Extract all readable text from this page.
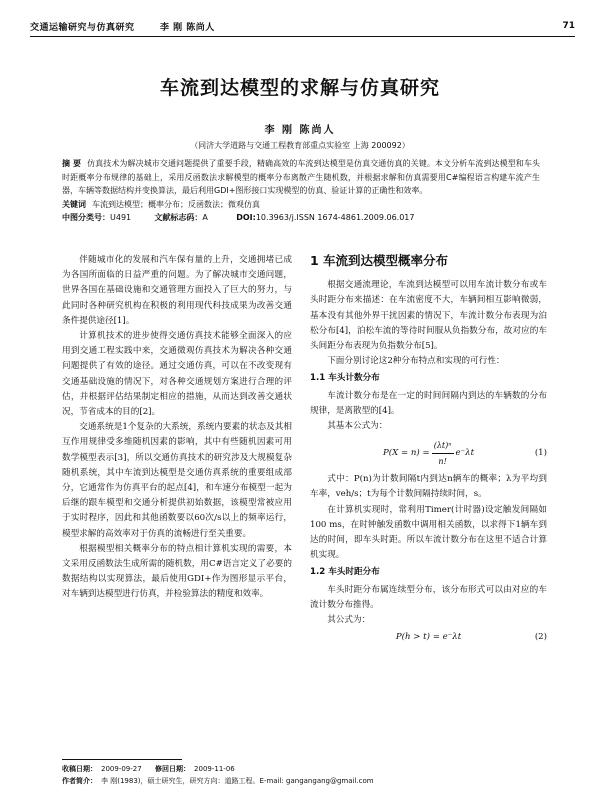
交通运输研究与仿真研究	李 刚 陈尚人	71
车流到达模型的求解与仿真研究
李 刚 陈尚人
（同济大学道路与交通工程教育部重点实验室 上海 200092）
摘 要 仿真技术为解决城市交通问题提供了重要手段，精确高效的车流到达模型是仿真交通仿真的关键。本文分析车流到达模型和车头时距概率分布规律的基础上，采用反函数法求解模型的概率分布离散产生随机数，并根据求解和仿真需要用C#编程语言构建车流产生器，车辆等数据结构并变换算法，最后利用GDI+图形接口实现模型的仿真、验证计算的正确性和效率。
关键词 车流到达模型；概率分布；反函数法；微观仿真
中图分类号：U491	文献标志码：A	DOI:10.3963/j.ISSN 1674-4861.2009.06.017

伴随城市化的发展和汽车保有量的上升，交通拥堵已成为各国所面临的日益严重的问题。为了解决城市交通问题，世界各国在基础设施和交通管理方面投入了巨大的努力，与此同时各种研究机构在积极的利用现代科技成果为改善交通条件提供途径[1]。

计算机技术的进步使得交通仿真技术能够全面深入的应用到交通工程实践中来，交通微观仿真技术为解决各种交通问题提供了有效的途径。通过交通仿真，可以在不改变现有交通基础设施的情况下，对各种交通规划方案进行合理的评估，并根据评估结果制定相应的措施，从而达到改善交通状况，节省成本的目的[2]。

交通系统是1个复杂的大系统，系统内要素的状态及其相互作用规律受多维随机因素的影响，其中有些随机因素可用数学模型表示[3]，所以交通仿真技术的研究涉及大规模复杂随机系统，其中车流到达模型是交通仿真系统的重要组成部分，它通常作为仿真平台的起点[4]，和车速分布模型一起为后继的跟车模型和交通分析提供初始数据，该模型常被应用于实时程序，因此和其他函数要以60次/s以上的频率运行，模型求解的高效率对于仿真的流畅进行至关重要。

根据模型相关概率分布的特点相计算机实现的需要，本文采用反函数法生成所需的随机数，用C#语言定义了必要的数据结构以实现算法，最后使用GDI+作为图形显示平台，对车辆到达模型进行仿真，并检验算法的精度和效率。

1 车流到达模型概率分布

根据交通流理论，车流到达模型可以用车流计数分布或车头时距分布来描述：在车流密度不大，车辆间相互影响微弱，基本没有其他外界干扰因素的情况下，车流计数分布表现为泊松分布[4]，泊松车流的等待时间服从负指数分布，故对应的车头间距分布表现为负指数分布[5]。

下面分别讨论这2种分布特点和实现的可行性：

1.1 车头计数分布

车流计数分布是在一定的时间间隔内到达的车辆数的分布规律，是离散型的[4]。

其基本公式为：

$P(X = n) = \frac{\text{(λt)ⁿ}}{n!} e^-\lambda t$	(1)

式中：P(n)为计数间隔t内到达n辆车的概率；λ为平均到车率，veh/s；t为每个计数间隔持续时间，s。

在计算机实现时，常利用Timer(计时器)设定触发间隔如100 ms，在时钟触发函数中调用相关函数，以求得下1辆车到达的时间，即车头时距。所以车流计数分布在这里不适合计算机实现。

1.2 车头时距分布

车头时距分布属连续型分布，该分布形式可以由对应的车流计数分布推得。

其公式为：

P(h > t) = e⁻λt	(2)
收稿日期： 2009-09-27 修回日期： 2009-11-06
作者简介： 李 刚(1983)，硕士研究生，研究方向：道路工程。E-mail: gangangang@gmail.com
